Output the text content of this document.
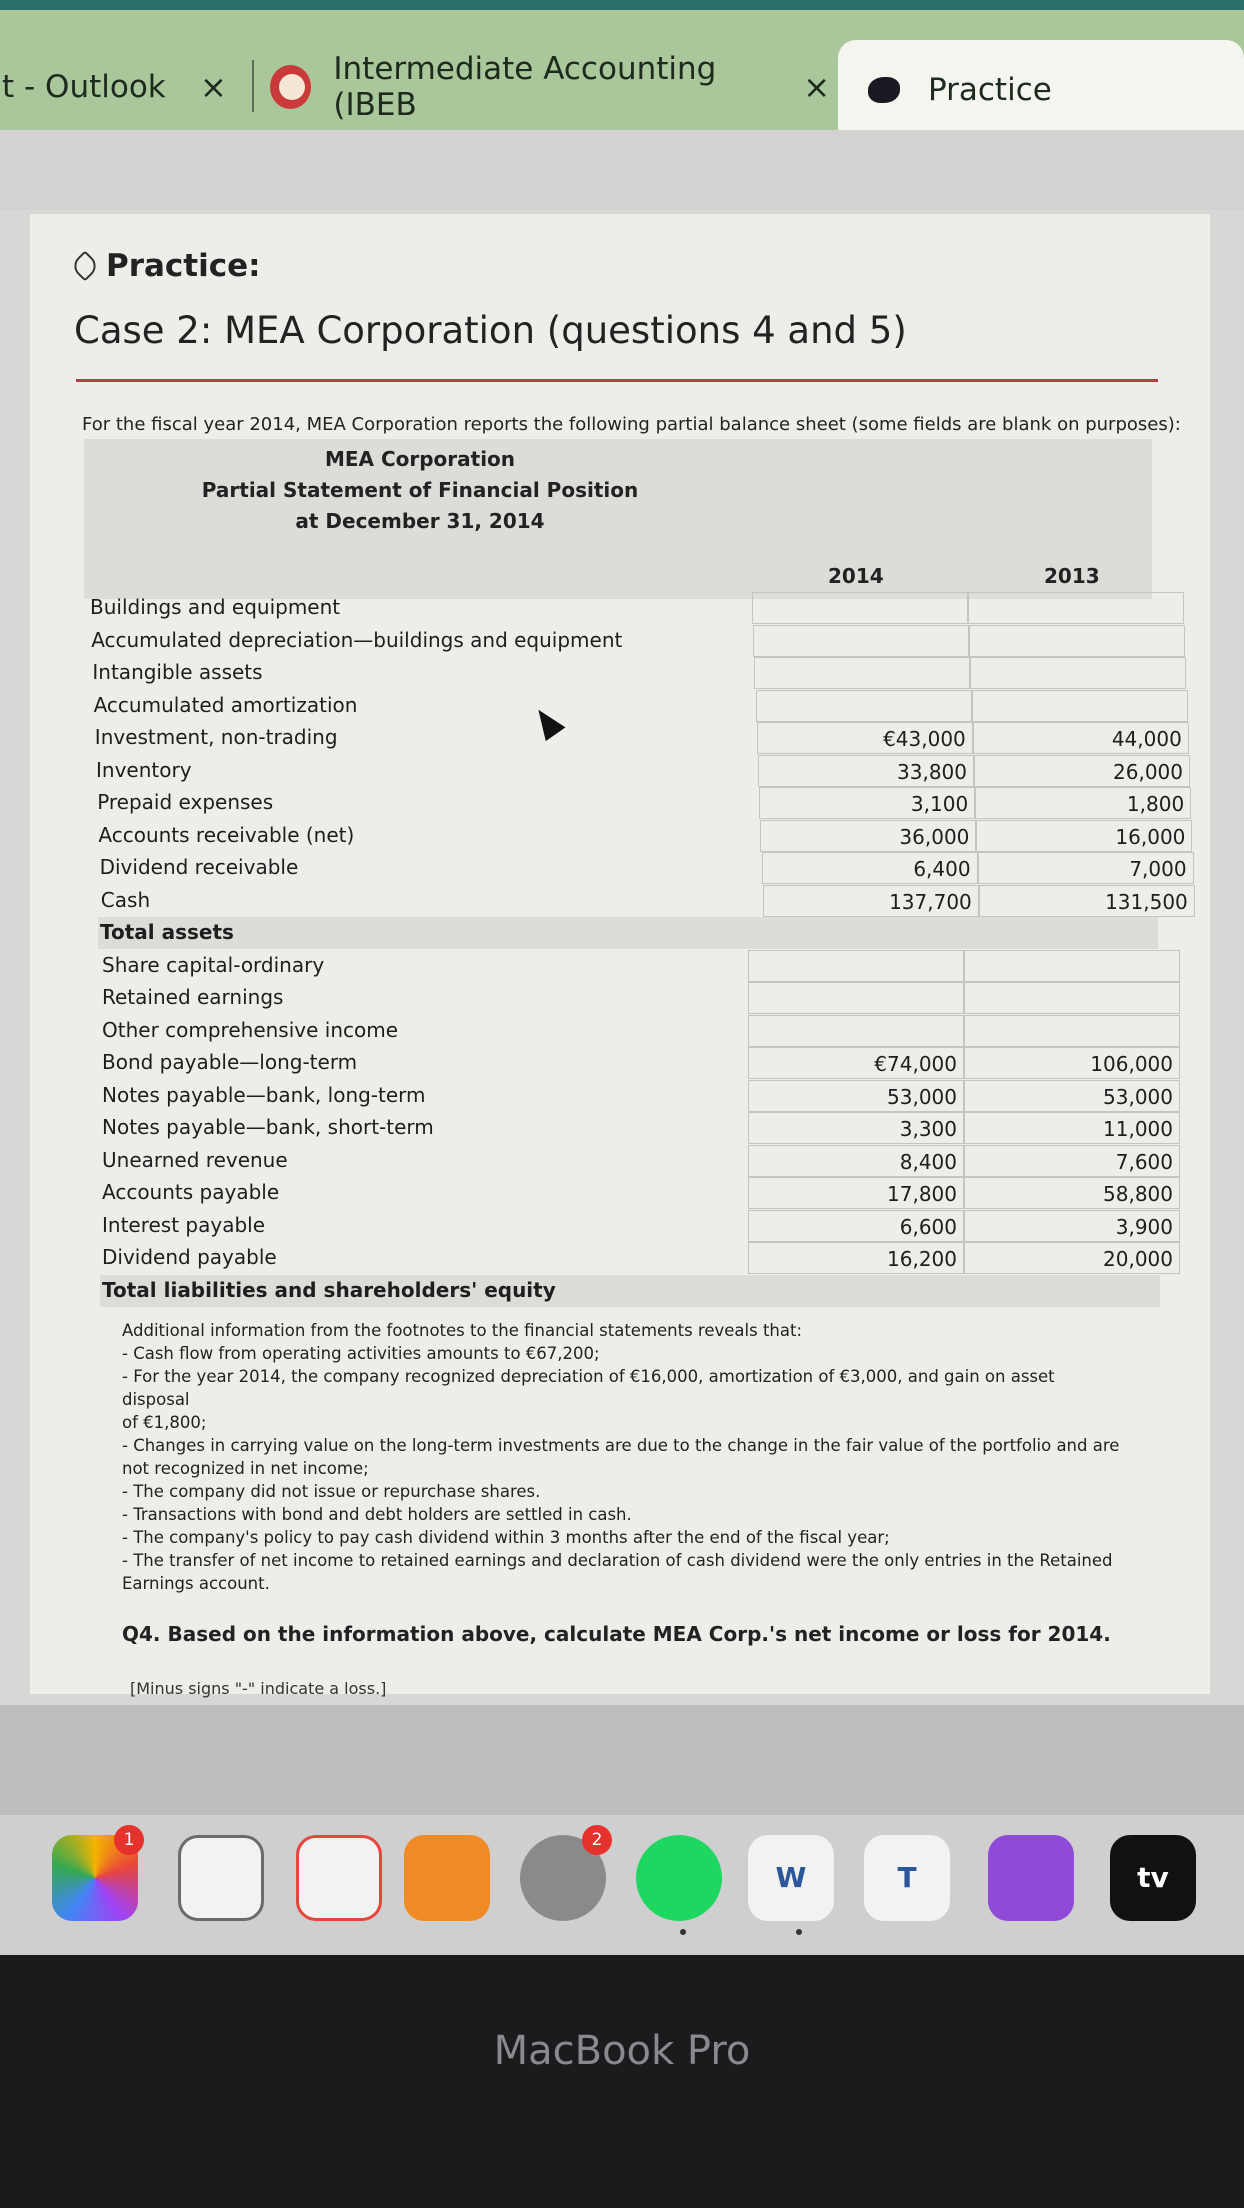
t - Outlook ×	Intermediate Accounting (IBEB	×	Practice
Practice:
Case 2: MEA Corporation (questions 4 and 5)
For the fiscal year 2014, MEA Corporation reports the following partial balance sheet (some fields are blank on purposes):
MEA Corporation
Partial Statement of Financial Position
at December 31, 2014
2014	2013
Additional information from the footnotes to the financial statements reveals that:
- Cash flow from operating activities amounts to €67,200;
- For the year 2014, the company recognized depreciation of €16,000, amortization of €3,000, and gain on asset disposal
of €1,800;
- Changes in carrying value on the long-term investments are due to the change in the fair value of the portfolio and are
not recognized in net income;
- The company did not issue or repurchase shares.
- Transactions with bond and debt holders are settled in cash.
- The company's policy to pay cash dividend within 3 months after the end of the fiscal year;
- The transfer of net income to retained earnings and declaration of cash dividend were the only entries in the Retained
Earnings account.
Q4. Based on the information above, calculate MEA Corp.'s net income or loss for 2014.
[Minus signs "-" indicate a loss.]
Buildings and equipment
Accumulated depreciation—buildings and equipment
Intangible assets
Accumulated amortization
Investment, non-trading	€43,000	44,000
Inventory	33,800	26,000
Prepaid expenses	3,100	1,800
Accounts receivable (net)	36,000	16,000
Dividend receivable	6,400	7,000
Cash	137,700	131,500
Total assets
Share capital-ordinary
Retained earnings
Other comprehensive income
Bond payable—long-term	€74,000	106,000
Notes payable—bank, long-term	53,000	53,000
Notes payable—bank, short-term	3,300	11,000
Unearned revenue	8,400	7,600
Accounts payable	17,800	58,800
Interest payable	6,600	3,900
Dividend payable	16,200	20,000
Total liabilities and shareholders' equity
1	2
W	T	tv
MacBook Pro
